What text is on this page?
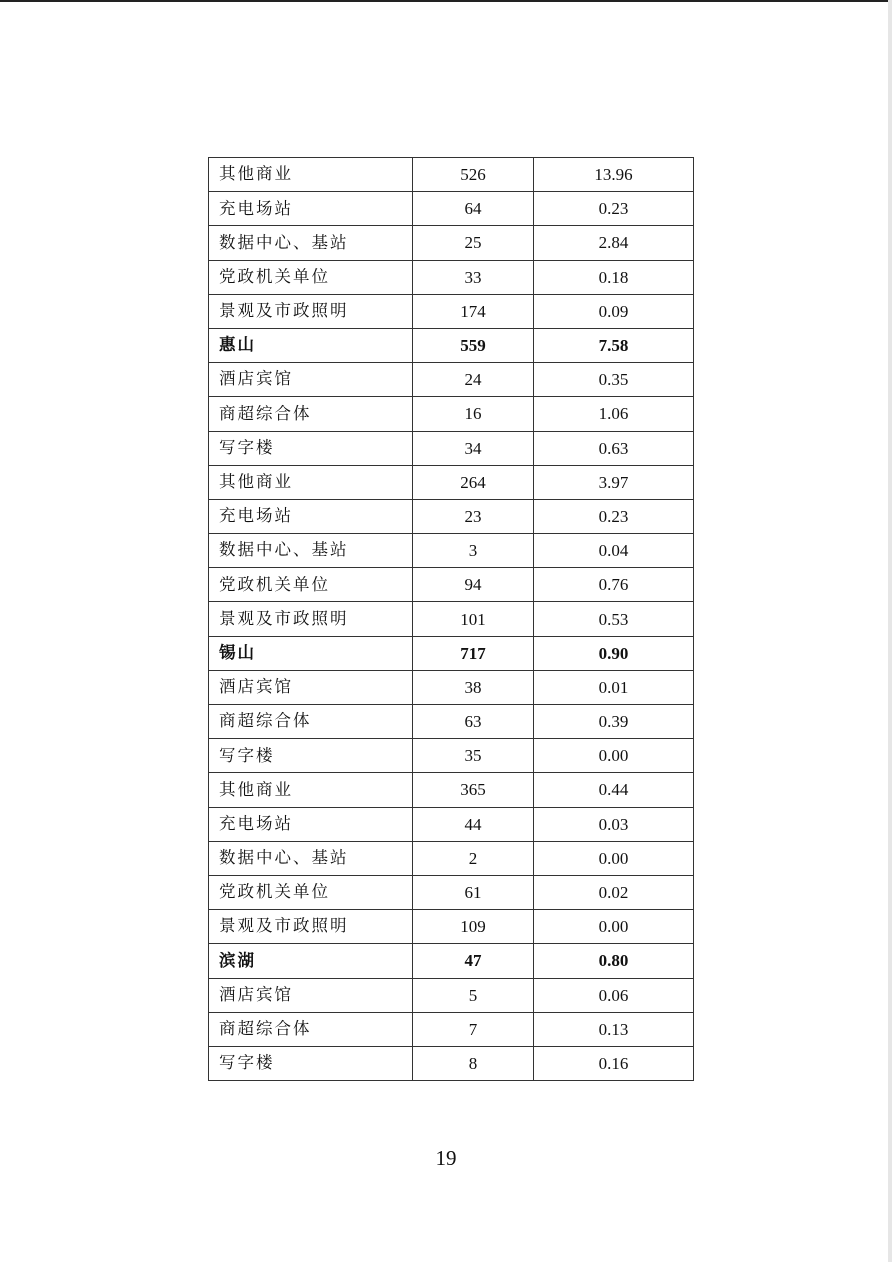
其他商业	526	13.96
充电场站	64	0.23
数据中心、基站	25	2.84
党政机关单位	33	0.18
景观及市政照明	174	0.09
惠山	559	7.58
酒店宾馆	24	0.35
商超综合体	16	1.06
写字楼	34	0.63
其他商业	264	3.97
充电场站	23	0.23
数据中心、基站	3	0.04
党政机关单位	94	0.76
景观及市政照明	101	0.53
锡山	717	0.90
酒店宾馆	38	0.01
商超综合体	63	0.39
写字楼	35	0.00
其他商业	365	0.44
充电场站	44	0.03
数据中心、基站	2	0.00
党政机关单位	61	0.02
景观及市政照明	109	0.00
滨湖	47	0.80
酒店宾馆	5	0.06
商超综合体	7	0.13
写字楼	8	0.16
19
